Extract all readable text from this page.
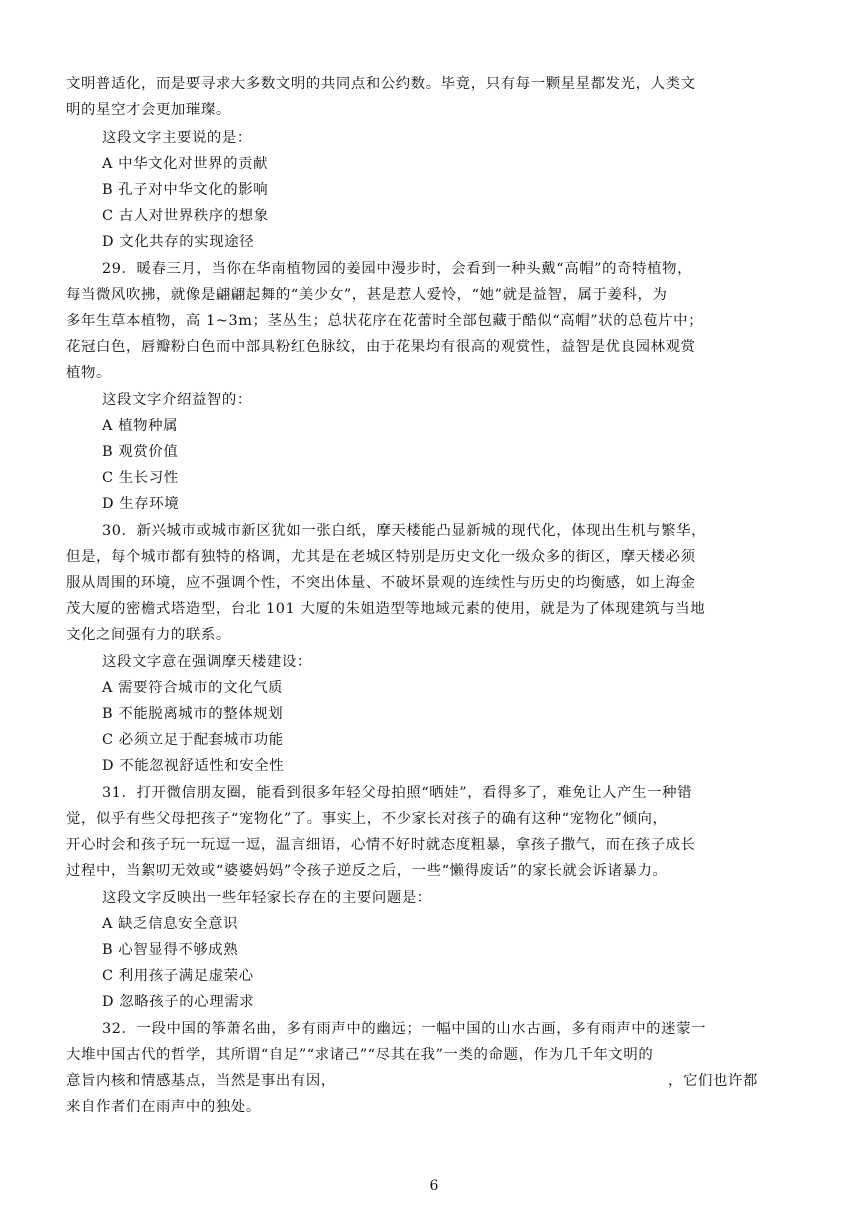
文明普适化，而是要寻求大多数文明的共同点和公约数。毕竟，只有每一颗星星都发光，人类文
明的星空才会更加璀璨。
这段文字主要说的是：
A 中华文化对世界的贡献
B 孔子对中华文化的影响
C 古人对世界秩序的想象
D 文化共存的实现途径
29．暖春三月，当你在华南植物园的姜园中漫步时，会看到一种头戴“高帽”的奇特植物，
每当微风吹拂，就像是翩翩起舞的“美少女”，甚是惹人爱怜，“她”就是益智，属于姜科，为
多年生草本植物，高 1~3m；茎丛生；总状花序在花蕾时全部包藏于酷似“高帽”状的总苞片中；
花冠白色，唇瓣粉白色而中部具粉红色脉纹，由于花果均有很高的观赏性，益智是优良园林观赏
植物。
这段文字介绍益智的：
A 植物种属
B 观赏价值
C 生长习性
D 生存环境
30．新兴城市或城市新区犹如一张白纸，摩天楼能凸显新城的现代化，体现出生机与繁华，
但是，每个城市都有独特的格调，尤其是在老城区特别是历史文化一级众多的街区，摩天楼必须
服从周围的环境，应不强调个性，不突出体量、不破坏景观的连续性与历史的均衡感，如上海金
茂大厦的密檐式塔造型，台北 101 大厦的朱姐造型等地域元素的使用，就是为了体现建筑与当地
文化之间强有力的联系。
这段文字意在强调摩天楼建设：
A 需要符合城市的文化气质
B 不能脱离城市的整体规划
C 必须立足于配套城市功能
D 不能忽视舒适性和安全性
31．打开微信朋友圈，能看到很多年轻父母拍照“晒娃”，看得多了，难免让人产生一种错
觉，似乎有些父母把孩子“宠物化”了。事实上，不少家长对孩子的确有这种“宠物化”倾向，
开心时会和孩子玩一玩逗一逗，温言细语，心情不好时就态度粗暴，拿孩子撒气，而在孩子成长
过程中，当絮叨无效或“婆婆妈妈”令孩子逆反之后，一些“懒得废话”的家长就会诉诸暴力。
这段文字反映出一些年轻家长存在的主要问题是：
A 缺乏信息安全意识
B 心智显得不够成熟
C 利用孩子满足虚荣心
D 忽略孩子的心理需求
32．一段中国的筝萧名曲，多有雨声中的幽远；一幅中国的山水古画，多有雨声中的迷蒙一
大堆中国古代的哲学，其所谓“自足”“求诸己”“尽其在我”一类的命题，作为几千年文明的
意旨内核和情感基点，当然是事出有因，	，它们也许都
来自作者们在雨声中的独处。
6
